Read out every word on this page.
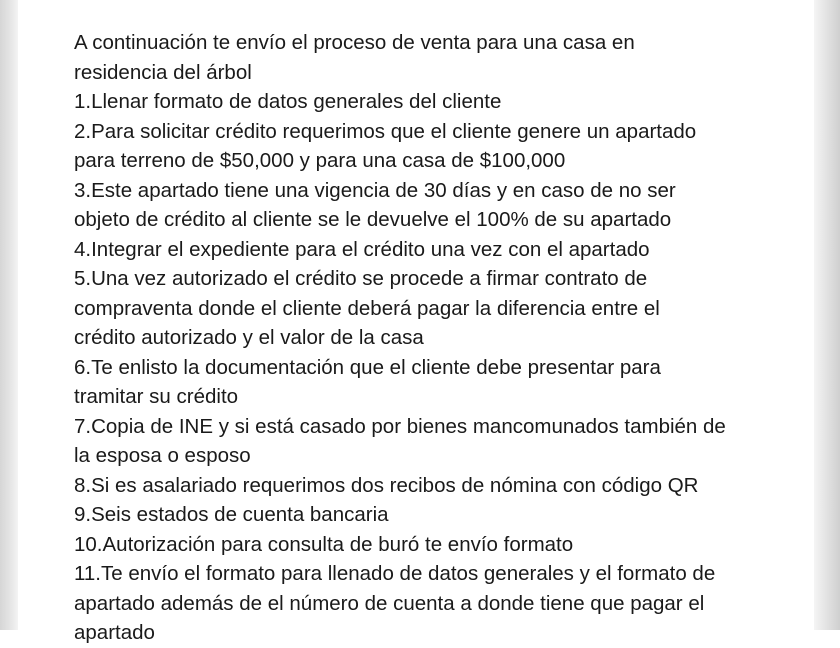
A continuación te envío el proceso de venta para una casa en
residencia del árbol
1.Llenar formato de datos generales del cliente
2.Para solicitar crédito requerimos que el cliente genere un apartado
para terreno de $50,000 y para una casa de $100,000
3.Este apartado tiene una vigencia de 30 días y en caso de no ser
objeto de crédito al cliente se le devuelve el 100% de su apartado
4.Integrar el expediente para el crédito una vez con el apartado
5.Una vez autorizado el crédito se procede a firmar contrato de
compraventa donde el cliente deberá pagar la diferencia entre el
crédito autorizado y el valor de la casa
6.Te enlisto la documentación que el cliente debe presentar para
tramitar su crédito
7.Copia de INE y si está casado por bienes mancomunados también de
la esposa o esposo
8.Si es asalariado requerimos dos recibos de nómina con código QR
9.Seis estados de cuenta bancaria
10.Autorización para consulta de buró te envío formato
11.Te envío el formato para llenado de datos generales y el formato de
apartado además de el número de cuenta a donde tiene que pagar el
apartado
